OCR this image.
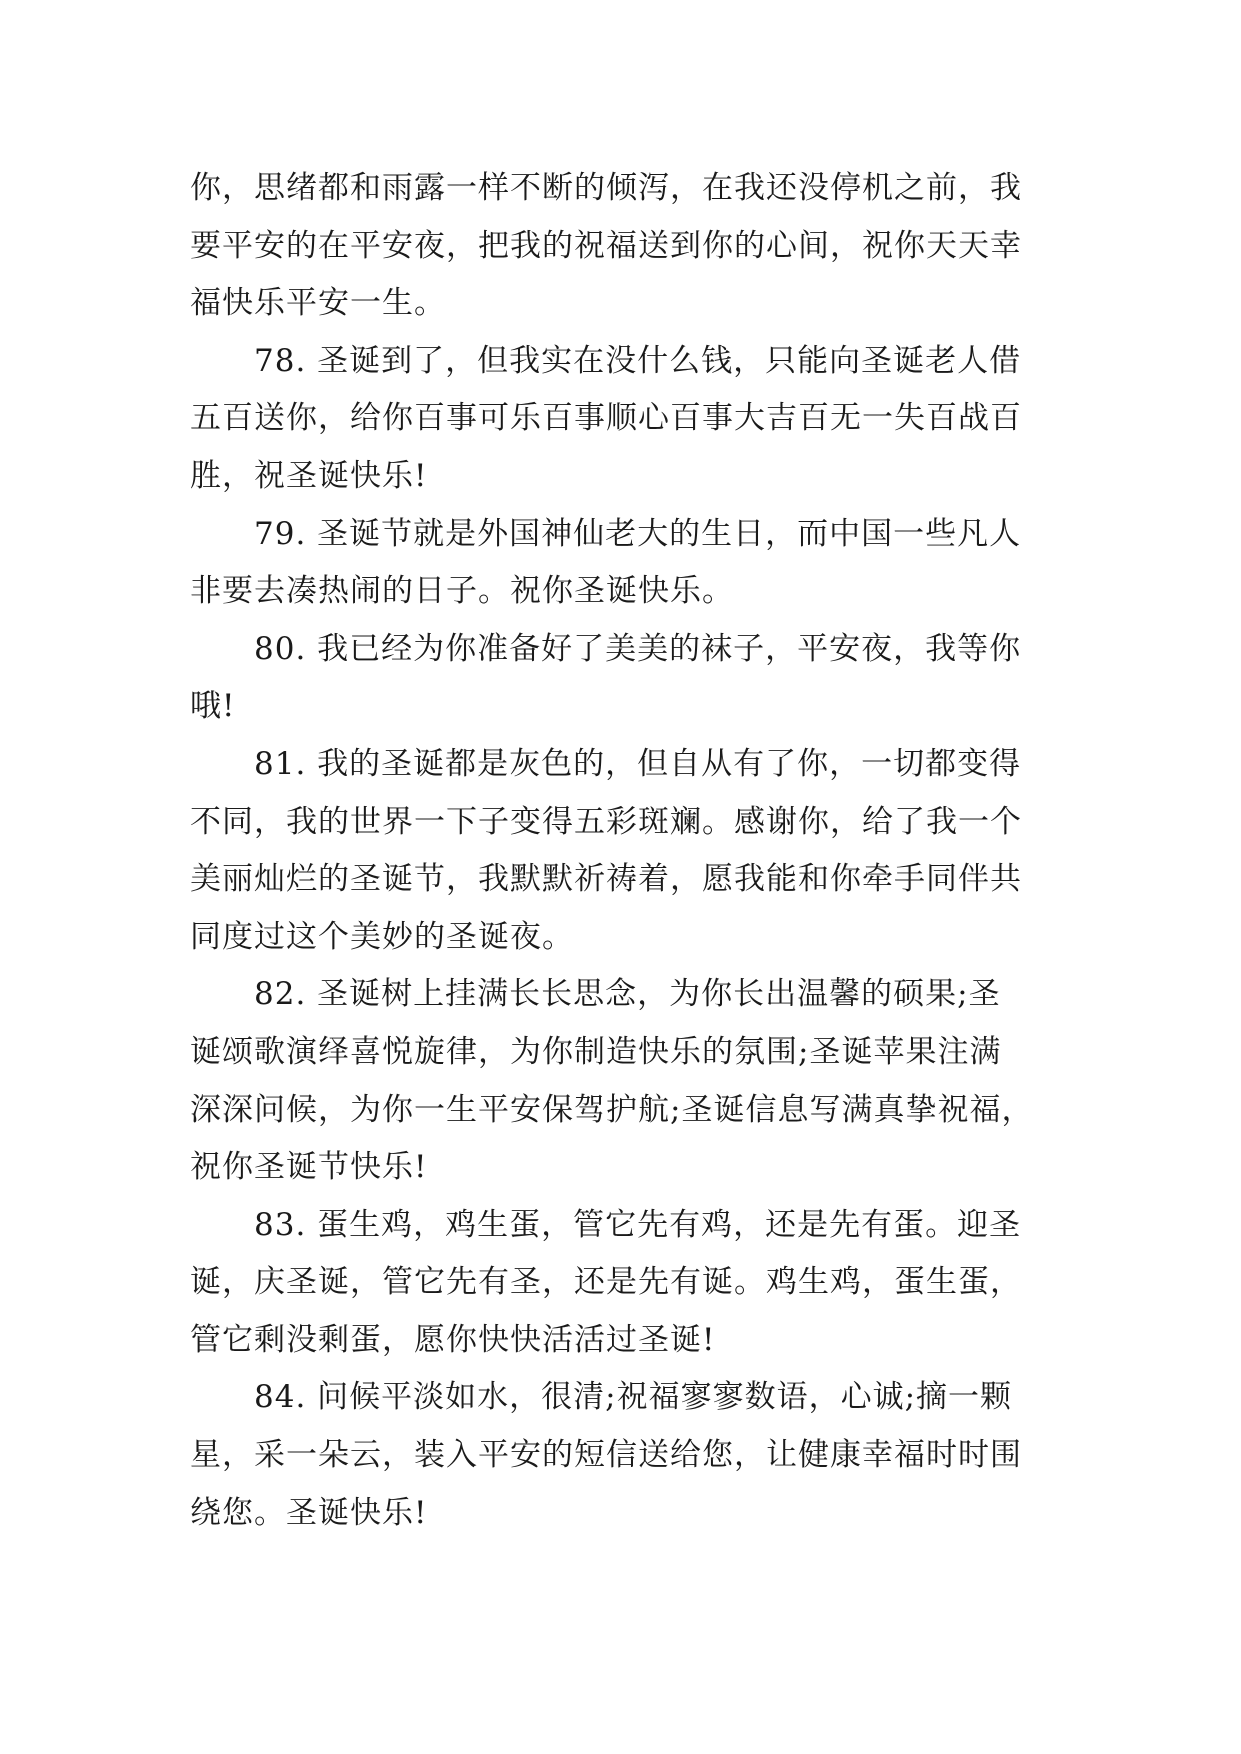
你，思绪都和雨露一样不断的倾泻，在我还没停机之前，我
要平安的在平安夜，把我的祝福送到你的心间，祝你天天幸
福快乐平安一生。
78. 圣诞到了，但我实在没什么钱，只能向圣诞老人借
五百送你，给你百事可乐百事顺心百事大吉百无一失百战百
胜，祝圣诞快乐!
79. 圣诞节就是外国神仙老大的生日，而中国一些凡人
非要去凑热闹的日子。祝你圣诞快乐。
80. 我已经为你准备好了美美的袜子，平安夜，我等你
哦!
81. 我的圣诞都是灰色的，但自从有了你，一切都变得
不同，我的世界一下子变得五彩斑斓。感谢你，给了我一个
美丽灿烂的圣诞节，我默默祈祷着，愿我能和你牵手同伴共
同度过这个美妙的圣诞夜。
82. 圣诞树上挂满长长思念，为你长出温馨的硕果;圣
诞颂歌演绎喜悦旋律，为你制造快乐的氛围;圣诞苹果注满
深深问候，为你一生平安保驾护航;圣诞信息写满真挚祝福，
祝你圣诞节快乐!
83. 蛋生鸡，鸡生蛋，管它先有鸡，还是先有蛋。迎圣
诞，庆圣诞，管它先有圣，还是先有诞。鸡生鸡，蛋生蛋，
管它剩没剩蛋，愿你快快活活过圣诞!
84. 问候平淡如水，很清;祝福寥寥数语，心诚;摘一颗
星，采一朵云，装入平安的短信送给您，让健康幸福时时围
绕您。圣诞快乐!
